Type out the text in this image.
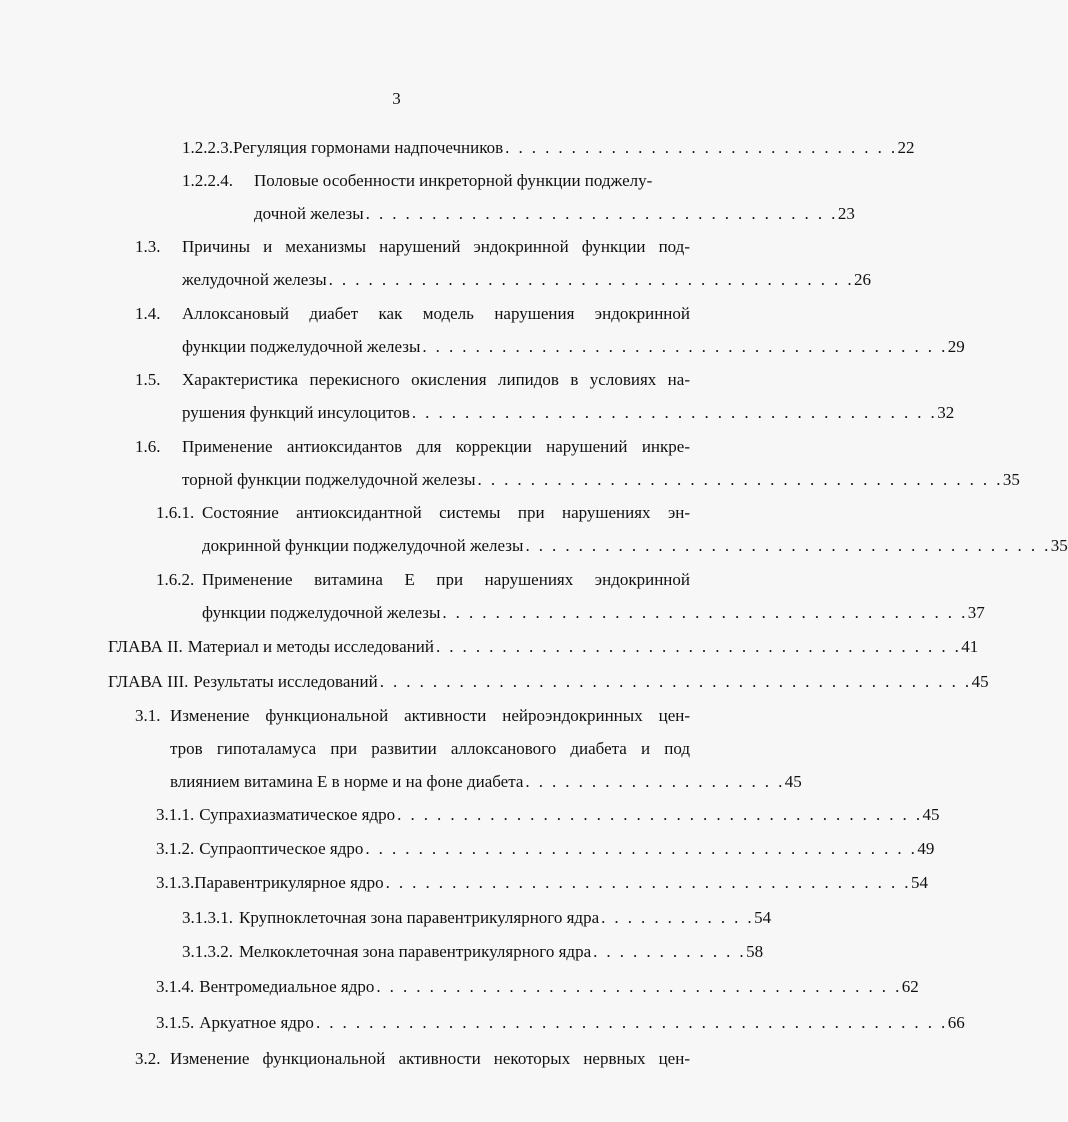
3
1.2.2.3. Регуляция гормонами надпочечников . . . . . . . . . . . . . . . . . . . . . . . . . . . . . . 22
1.2.2.4.	Половые особенности инкреторной функции поджелу-
дочной железы . . . . . . . . . . . . . . . . . . . . . . . . . . . . . . . . . . . . 23
1.3.	Причины и механизмы нарушений эндокринной функции под-
желудочной железы . . . . . . . . . . . . . . . . . . . . . . . . . . . . . . . . . . . . . . . . 26
1.4.	Аллоксановый диабет как модель нарушения эндокринной
функции поджелудочной железы . . . . . . . . . . . . . . . . . . . . . . . . . . . . . . . . . . . . . . . . 29
1.5.	Характеристика перекисного окисления липидов в условиях на-
рушения функций инсулоцитов . . . . . . . . . . . . . . . . . . . . . . . . . . . . . . . . . . . . . . . . 32
1.6.	Применение антиоксидантов для коррекции нарушений инкре-
торной функции поджелудочной железы . . . . . . . . . . . . . . . . . . . . . . . . . . . . . . . . . . . . . . . . 35
1.6.1. Состояние антиоксидантной системы при нарушениях эн-
докринной функции поджелудочной железы . . . . . . . . . . . . . . . . . . . . . . . . . . . . . . . . . . . . . . . . 35
1.6.2. Применение витамина Е при нарушениях эндокринной
функции поджелудочной железы . . . . . . . . . . . . . . . . . . . . . . . . . . . . . . . . . . . . . . . . 37
ГЛАВА II. Материал и методы исследований . . . . . . . . . . . . . . . . . . . . . . . . . . . . . . . . . . . . . . . . 41
ГЛАВА III. Результаты исследований . . . . . . . . . . . . . . . . . . . . . . . . . . . . . . . . . . . . . . . . . . . . . 45
3.1. Изменение функциональной активности нейроэндокринных цен-
тров гипоталамуса при развитии аллоксанового диабета и под
влиянием витамина Е в норме и на фоне диабета . . . . . . . . . . . . . . . . . . . . 45
3.1.1. Супрахиазматическое ядро . . . . . . . . . . . . . . . . . . . . . . . . . . . . . . . . . . . . . . . . 45
3.1.2. Супраоптическое ядро . . . . . . . . . . . . . . . . . . . . . . . . . . . . . . . . . . . . . . . . . . 49
3.1.3. Паравентрикулярное ядро . . . . . . . . . . . . . . . . . . . . . . . . . . . . . . . . . . . . . . . . 54
3.1.3.1. Крупноклеточная зона паравентрикулярного ядра . . . . . . . . . . . . 54
3.1.3.2. Мелкоклеточная зона паравентрикулярного ядра . . . . . . . . . . . . 58
3.1.4. Вентромедиальное ядро . . . . . . . . . . . . . . . . . . . . . . . . . . . . . . . . . . . . . . . . 62
3.1.5. Аркуатное ядро . . . . . . . . . . . . . . . . . . . . . . . . . . . . . . . . . . . . . . . . . . . . . . . . 66
3.2. Изменение функциональной активности некоторых нервных цен-
